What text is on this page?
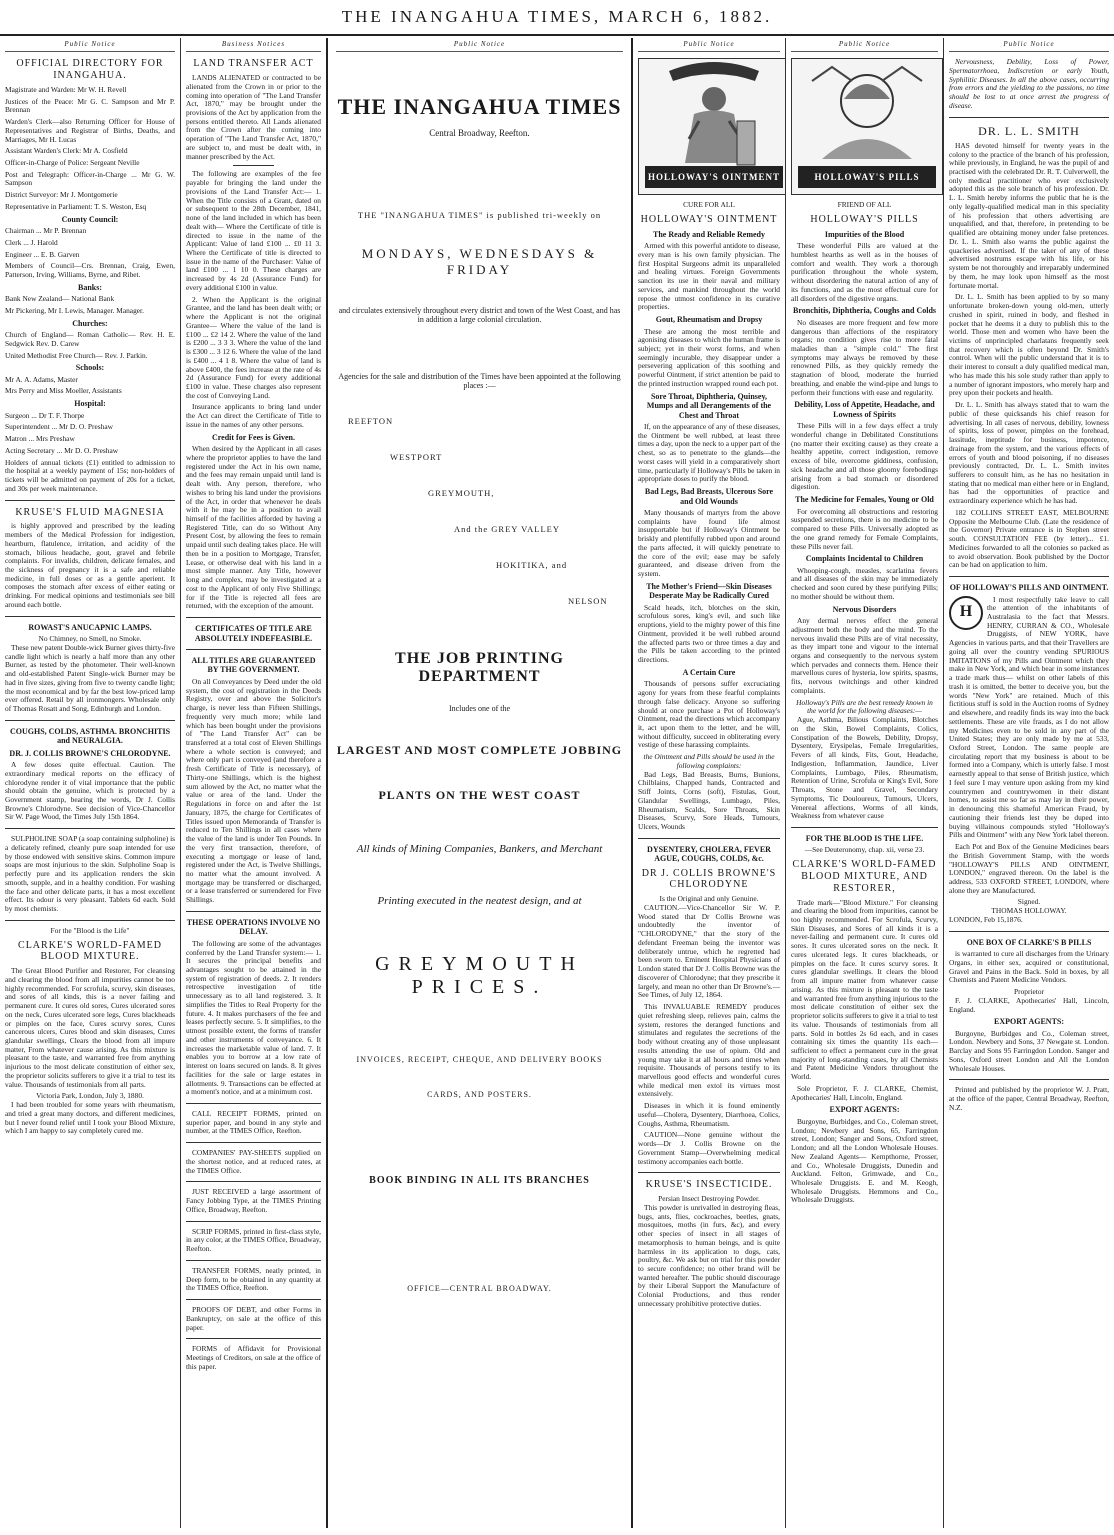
THE INANGAHUA TIMES, MARCH 6, 1882.
Public Notice
OFFICIAL DIRECTORY FOR INANGAHUA.

Magistrate and Warden: Mr W. H. Revell

Justices of the Peace: Mr G. C. Sampson and Mr P. Brennan

Warden's Clerk—also Returning Officer for House of Representatives and Registrar of Births, Deaths, and Marriages, Mr H. Lucas

Assistant Warden's Clerk: Mr A. Cosfield

Officer-in-Charge of Police: Sergeant Neville

Post and Telegraph: Officer-in-Charge ... Mr G. W. Sampson

District Surveyor: Mr J. Montgomerie

Representative in Parliament: T. S. Weston, Esq

County Council:

Chairman ... Mr P. Brennan

Clerk ... J. Harold

Engineer ... E. B. Garven

Members of Council—Crs. Brennan, Craig, Ewen, Patterson, Irving, Williams, Byrne, and Ribet.

Banks:

Bank New Zealand— National Bank

Mr Pickering, Mr I. Lewis, Manager. Manager.

Churches:

Church of England— Roman Catholic— Rev. H. E. Sedgwick Rev. D. Carew

United Methodist Free Church— Rev. J. Parkin.

Schools:

Mr A. A. Adams, Master

Mrs Perry and Miss Moeller, Assistants

Hospital:

Surgeon ... Dr T. F. Thorpe

Superintendent ... Mr D. O. Preshaw

Matron ... Mrs Preshaw

Acting Secretary ... Mr D. O. Preshaw

Holders of annual tickets (£1) entitled to admission to the hospital at a weekly payment of 15s; non-holders of tickets will be admitted on payment of 20s for a ticket, and 30s per week maintenance.

KRUSE'S FLUID MAGNESIA

is highly approved and prescribed by the leading members of the Medical Profession for indigestion, heartburn, flatulence, irritation, and acidity of the stomach, bilious headache, gout, gravel and febrile complaints. For invalids, children, delicate females, and the sickness of pregnancy it is a safe and reliable medicine, in full doses or as a gentle aperient. It composes the stomach after excess of either eating or drinking. For medical opinions and testimonials see bill around each bottle.

ROWAST'S ANUCAPNIC LAMPS.
No Chimney, no Smell, no Smoke.

These new patent Double-wick Burner gives thirty-five candle light which is nearly a half more than any other Burner, as tested by the photometer. Their well-known and old-established Patent Single-wick Burner may be had in five sizes, giving from five to twenty candle light; the most economical and by far the best low-priced lamp ever offered. Retail by all ironmongers. Wholesale only of Thomas Rosatt and Song, Edinburgh and London.

COUGHS, COLDS, ASTHMA. BRONCHITIS and NEURALGIA.
DR. J. COLLIS BROWNE'S CHLORODYNE.

A few doses quite effectual. Caution. The extraordinary medical reports on the efficacy of chlorodyne render it of vital importance that the public should obtain the genuine, which is protected by a Government stamp, bearing the words, Dr J. Collis Browne's Chlorodyne. See decision of Vice-Chancellor Sir W. Page Wood, the Times July 15th 1864.

SULPHOLINE SOAP (a soap containing sulpholine) is a delicately refined, cleanly pure soap intended for use by those endowed with sensitive skins. Common impure soaps are most injurious to the skin. Sulpholine Soap is perfectly pure and its application renders the skin smooth, supple, and in a healthy condition. For washing the face and other delicate parts, it has a most excellent effect. Its odour is very pleasant. Tablets 6d each. Sold by most chemists.

For the "Blood is the Life"
CLARKE'S WORLD-FAMED BLOOD MIXTURE.

The Great Blood Purifier and Restorer, For cleansing and clearing the blood from all impurities cannot be too highly recommended. For scrofula, scurvy, skin diseases, and sores of all kinds, this is a never failing and permanent cure. It cures old sores, Cures ulcerated sores on the neck, Cures ulcerated sore legs, Cures blackheads or pimples on the face, Cures scurvy sores, Cures cancerous ulcers, Cures blood and skin diseases, Cures glandular swellings, Clears the blood from all impure matter, From whatever cause arising. As this mixture is pleasant to the taste, and warranted free from anything injurious to the most delicate constitution of either sex, the proprietor solicits sufferers to give it a trial to test its value. Thousands of testimonials from all parts.

Victoria Park, London, July 3, 1880.

I had been troubled for some years with rheumatism, and tried a great many doctors, and different medicines, but I never found relief until I took your Blood Mixture, which I am happy to say completely cured me.

Business Notices
LAND TRANSFER ACT

LANDS ALIENATED or contracted to be alienated from the Crown in or prior to the coming into operation of "The Land Transfer Act, 1870," may be brought under the provisions of the Act by application from the persons entitled thereto. All Lands alienated from the Crown after the coming into operation of "The Land Transfer Act, 1870," are subject to, and must be dealt with, in manner prescribed by the Act.

The following are examples of the fee payable for bringing the land under the provisions of the Land Transfer Act:— 1. When the Title consists of a Grant, dated on or subsequent to the 28th December, 1841, none of the land included in which has been dealt with— Where the Certificate of title is directed to issue in the name of the Applicant: Value of land £100 ... £0 11 3. Where the Certificate of title is directed to issue in the name of the Purchaser: Value of land £100 ... 1 10 0. These charges are increased by 4s 2d (Assurance Fund) for every additional £100 in value.

2. When the Applicant is the original Grantee, and the land has been dealt with; or where the Applicant is not the original Grantee— Where the value of the land is £100 ... £2 14 2. Where the value of the land is £200 ... 3 3 3. Where the value of the land is £300 ... 3 12 6. Where the value of the land is £400 ... 4 1 8. Where the value of land is above £400, the fees increase at the rate of 4s 2d (Assurance Fund) for every additional £100 in value. These charges also represent the cost of Conveying Land.

Insurance applicants to bring land under the Act can direct the Certificate of Title to issue in the names of any other persons.

Credit for Fees is Given.

When desired by the Applicant in all cases where the proprietor applies to have the land registered under the Act in his own name, and the fees may remain unpaid until land is dealt with. Any person, therefore, who wishes to bring his land under the provisions of the Act, in order that whenever he deals with it he may be in a position to avail himself of the facilities afforded by having a Registered Title, can do so Without Any Present Cost, by allowing the fees to remain unpaid until such dealing takes place. He will then be in a position to Mortgage, Transfer, Lease, or otherwise deal with his land in a most simple manner. Any Title, however long and complex, may be investigated at a cost to the Applicant of only Five Shillings; for if the Title is rejected all fees are returned, with the exception of the amount.

CERTIFICATES OF TITLE ARE ABSOLUTELY INDEFEASIBLE.
ALL TITLES ARE GUARANTEED BY THE GOVERNMENT.

On all Conveyances by Deed under the old system, the cost of registration in the Deeds Registry, over and above the Solicitor's charge, is never less than Fifteen Shillings, frequently very much more; while land which has been bought under the provisions of "The Land Transfer Act" can be transferred at a total cost of Eleven Shillings where a whole section is conveyed; and where only part is conveyed (and therefore a fresh Certificate of Title is necessary), of Thirty-one Shillings, which is the highest sum allowed by the Act, no matter what the value or area of the land. Under the Regulations in force on and after the 1st January, 1875, the charge for Certificates of Titles issued upon Memoranda of Transfer is reduced to Ten Shillings in all cases where the value of the land is under Ten Pounds. In the very first transaction, therefore, of executing a mortgage or lease of land, registered under the Act, is Twelve Shillings, no matter what the amount involved. A mortgage may be transferred or discharged, or a lease transferred or surrendered for Five Shillings.

THESE OPERATIONS INVOLVE NO DELAY.

The following are some of the advantages conferred by the Land Transfer system:— 1. It secures the principal benefits and advantages sought to be attained in the system of registration of deeds. 2. It renders retrospective investigation of title unnecessary as to all land registered. 3. It simplifies the Titles to Real Property for the future. 4. It makes purchasers of the fee and leases perfectly secure. 5. It simplifies, to the utmost possible extent, the forms of transfer and other instruments of conveyance. 6. It increases the marketable value of land. 7. It enables you to borrow at a low rate of interest on loans secured on lands. 8. It gives facilities for the sale or large estates in allotments. 9. Transactions can be effected at a moment's notice, and at a minimum cost.

CALL RECEIPT FORMS, printed on superior paper, and bound in any style and number, at the TIMES Office, Reefton.

COMPANIES' PAY-SHEETS supplied on the shortest notice, and at reduced rates, at the TIMES Office.

JUST RECEIVED a large assortment of Fancy Jobbing Type, at the TIMES Printing Office, Broadway, Reefton.

SCRIP FORMS, printed in first-class style, in any color, at the TIMES Office, Broadway, Reefton.

TRANSFER FORMS, neatly printed, in Deep form, to be obtained in any quantity at the TIMES Office, Reefton.

PROOFS OF DEBT, and other Forms in Bankruptcy, on sale at the office of this paper.

FORMS of Affidavit for Provisional Meetings of Creditors, on sale at the office of this paper.

Public Notice
THE INANGAHUA TIMES
Central Broadway, Reefton.
THE "INANGAHUA TIMES" is published tri-weekly on
MONDAYS, WEDNESDAYS & FRIDAY
and circulates extensively throughout every district and town of the West Coast, and has in addition a large colonial circulation.
Agencies for the sale and distribution of the Times have been appointed at the following places :—
REEFTON
WESTPORT
GREYMOUTH,
And the GREY VALLEY
HOKITIKA, and
NELSON
THE JOB PRINTING DEPARTMENT
Includes one of the
LARGEST AND MOST COMPLETE JOBBING
PLANTS ON THE WEST COAST
All kinds of Mining Companies, Bankers, and Merchant
Printing executed in the neatest design, and at
GREYMOUTH PRICES.
INVOICES, RECEIPT, CHEQUE, AND DELIVERY BOOKS
CARDS, AND POSTERS.
BOOK BINDING IN ALL ITS BRANCHES
OFFICE—CENTRAL BROADWAY.
Public Notice
HOLLOWAY'S OINTMENT
CURE FOR ALL
HOLLOWAY'S OINTMENT
The Ready and Reliable Remedy

Armed with this powerful antidote to disease, every man is his own family physician. The first Hospital Surgeons admit its unparalleled and healing virtues. Foreign Governments sanction its use in their naval and military services, and mankind throughout the world repose the utmost confidence in its curative properties.

Gout, Rheumatism and Dropsy

These are among the most terrible and agonising diseases to which the human frame is subject; yet in their worst forms, and when seemingly incurable, they disappear under a persevering application of this soothing and powerful Ointment, if strict attention be paid to the printed instruction wrapped round each pot.

Sore Throat, Diphtheria, Quinsey, Mumps and all Derangements of the Chest and Throat

If, on the appearance of any of these diseases, the Ointment be well rubbed, at least three times a day, upon the neck to a upper part of the chest, so as to penetrate to the glands—the worst cases will yield in a comparatively short time, particularly if Holloway's Pills be taken in appropriate doses to purify the blood.

Bad Legs, Bad Breasts, Ulcerous Sore and Old Wounds

Many thousands of martyrs from the above complaints have found life almost insupportable but if Holloway's Ointment be briskly and plentifully rubbed upon and around the parts affected, it will quickly penetrate to the core of the evil; ease may be safely guaranteed, and disease driven from the system.

The Mother's Friend—Skin Diseases Desperate May be Radically Cured

Scald heads, itch, blotches on the skin, scrofulous sores, king's evil, and such like eruptions, yield to the mighty power of this fine Ointment, provided it be well rubbed around the affected parts two or three times a day and the Pills be taken according to the printed directions.

A Certain Cure

Thousands of persons suffer excruciating agony for years from these fearful complaints through false delicacy. Anyone so suffering should at once purchase a Pot of Holloway's Ointment, read the directions which accompany it, act upon them to the letter, and he will, without difficulty, succeed in obliterating every vestige of these harassing complaints.

the Ointment and Pills should be used in the following complaints:

Bad Legs, Bad Breasts, Burns, Bunions, Chilblains, Chapped hands, Contracted and Stiff Joints, Corns (soft), Fistulas, Gout, Glandular Swellings, Lumbago, Piles, Rheumatism, Scalds, Sore Throats, Skin Diseases, Scurvy, Sore Heads, Tumours, Ulcers, Wounds

DYSENTERY, CHOLERA, FEVER AGUE, COUGHS, COLDS, &c.
DR J. COLLIS BROWNE'S CHLORODYNE
Is the Original and only Genuine.

CAUTION.—Vice-Chancellor Sir W. P. Wood stated that Dr Collis Browne was undoubtedly the inventor of "CHLORODYNE," that the story of the defendant Freeman being the inventor was deliberately untrue, which he regretted had been sworn to. Eminent Hospital Physicians of London stated that Dr J. Collis Browne was the discoverer of Chlorodyne; that they prescribe it largely, and mean no other than Dr Browne's.—See Times, of July 12, 1864.

This INVALUABLE REMEDY produces quiet refreshing sleep, relieves pain, calms the system, restores the deranged functions and stimulates and regulates the secretions of the body without creating any of those unpleasant results attending the use of opium. Old and young may take it at all hours and times when requisite. Thousands of persons testify to its marvellous good effects and wonderful cures while medical men extol its virtues most extensively.

Diseases in which it is found eminently useful—Cholera, Dysentery, Diarrhoea, Colics, Coughs, Asthma, Rheumatism.

CAUTION—None genuine without the words—Dr J. Collis Browne on the Government Stamp—Overwhelming medical testimony accompanies each bottle.

KRUSE'S INSECTICIDE.
Persian Insect Destroying Powder.

This powder is unrivalled in destroying fleas, bugs, ants, flies, cockroaches, beetles, gnats, mosquitoes, moths (in furs, &c), and every other species of insect in all stages of metamorphosis to human beings, and is quite harmless in its application to dogs, cats, poultry, &c. We ask but on trial for this powder to secure confidence; no other brand will be wanted hereafter. The public should discourage by their Liberal Support the Manufacture of Colonial Productions, and thus render unnecessary prohibitive protective duties.

Public Notice
HOLLOWAY'S PILLS
FRIEND OF ALL
HOLLOWAY'S PILLS
Impurities of the Blood

These wonderful Pills are valued at the humblest hearths as well as in the houses of comfort and wealth. They work a thorough purification throughout the whole system, without disordering the natural action of any of its functions, and as the most effectual cure for all disorders of the digestive organs.

Bronchitis, Diphtheria, Coughs and Colds

No diseases are more frequent and few more dangerous than affections of the respiratory organs; no condition gives rise to more fatal maladies than a "simple cold." The first symptoms may always be removed by these renowned Pills, as they quickly remedy the stagnation of blood, moderate the hurried breathing, and enable the wind-pipe and lungs to perform their functions with ease and regularity.

Debility, Loss of Appetite, Headache, and Lowness of Spirits

These Pills will in a few days effect a truly wonderful change in Debilitated Constitutions (no matter their exciting cause) as they create a healthy appetite, correct indigestion, remove excess of bile, overcome giddiness, confusion, sick headache and all those gloomy forebodings arising from a bad stomach or disordered digestion.

The Medicine for Females, Young or Old

For overcoming all obstructions and restoring suspended secretions, there is no medicine to be compared to these Pills. Universally adopted as the one grand remedy for Female Complaints, these Pills never fail.

Complaints Incidental to Children

Whooping-cough, measles, scarlatina fevers and all diseases of the skin may be immediately checked and soon cured by these purifying Pills; no mother should be without them.

Nervous Disorders

Any dermal nerves effect the general adjustment both the body and the mind. To the nervous invalid these Pills are of vital necessity, as they impart tone and vigour to the internal organs and consequently to the nervous system which pervades and connects them. Hence their marvellous cures of hysteria, low spirits, spasms, fits, nervous twitchings and other kindred complaints.

Holloway's Pills are the best remedy known in the world for the following diseases:—

Ague, Asthma, Bilious Complaints, Blotches on the Skin, Bowel Complaints, Colics, Constipation of the Bowels, Debility, Dropsy, Dysentery, Erysipelas, Female Irregularities, Fevers of all kinds, Fits, Gout, Headache, Indigestion, Inflammation, Jaundice, Liver Complaints, Lumbago, Piles, Rheumatism, Retention of Urine, Scrofula or King's Evil, Sore Throats, Stone and Gravel, Secondary Symptoms, Tic Douloureux, Tumours, Ulcers, Venereal affections, Worms of all kinds, Weakness from whatever cause

FOR THE BLOOD IS THE LIFE.
—See Deuteronomy, chap. xii, verse 23.
CLARKE'S WORLD-FAMED BLOOD MIXTURE, AND RESTORER,

Trade mark—"Blood Mixture." For cleansing and clearing the blood from impurities, cannot be too highly recommended. For Scrofula, Scurvy, Skin Diseases, and Sores of all kinds it is a never-failing and permanent cure. It cures old sores. It cures ulcerated sores on the neck. It cures ulcerated legs. It cures blackheads, or pimples on the face. It cures scurvy sores. It cures glandular swellings. It clears the blood from all impure matter from whatever cause arising. As this mixture is pleasant to the taste and warranted free from anything injurious to the most delicate constitution of either sex the proprietor solicits sufferers to give it a trial to test its value. Thousands of testimonials from all parts. Sold in bottles 2s 6d each, and in cases containing six times the quantity 11s each—sufficient to effect a permanent cure in the great majority of long-standing cases, by all Chemists and Patent Medicine Vendors throughout the World.

Sole Proprietor, F. J. CLARKE, Chemist, Apothecaries' Hall, Lincoln, England.

EXPORT AGENTS:

Burgoyne, Burbidges, and Co., Coleman street, London; Newbery and Sons, 65, Farringdon street, London; Sanger and Sons, Oxford street, London; and all the London Wholesale Houses. New Zealand Agents— Kempthorne, Prosser, and Co., Wholesale Druggists, Dunedin and Auckland. Felton, Grimwade, and Co., Wholesale Druggists. E. and M. Keogh, Wholesale Druggists. Hemmons and Co., Wholesale Druggists.

Public Notice

Nervousness, Debility, Loss of Power, Spermatorrhoea, Indiscretion or early Youth, Syphilitic Diseases. In all the above cases, occurring from errors and the yielding to the passions, no time should be lost to at once arrest the progress of disease.

DR. L. L. SMITH

HAS devoted himself for twenty years in the colony to the practice of the branch of his profession, while previously, in England, he was the pupil of and practised with the celebrated Dr. R. T. Culverwell, the only medical practitioner who ever exclusively adopted this as the sole branch of his profession. Dr. L. L. Smith hereby informs the public that he is the only legally-qualified medical man in this speciality of his profession that others advertising are unqualified, and that, therefore, in pretending to be qualified are obtaining money under false pretences. Dr. L. L. Smith also warns the public against the quackeries advertised. If the taker of any of these advertised nostrums escape with his life, or his system be not thoroughly and irreparably undermined by them, he may look upon himself as the most fortunate mortal.

Dr. L. L. Smith has been applied to by so many unfortunate broken-down young old-men, utterly crushed in spirit, ruined in body, and fleshed in pocket that he deems it a duty to publish this to the world. Those men and women who have been the victims of unprincipled charlatans frequently seek that recovery which is often beyond Dr. Smith's control. When will the public understand that it is to their interest to consult a duly qualified medical man, who has made this his sole study rather than apply to a number of ignorant impostors, who merely harp and prey upon their pockets and health.

Dr. L. L. Smith has always stated that to warn the public of these quicksands his chief reason for advertising. In all cases of nervous, debility, lowness of spirits, loss of power, pimples on the forehead, lassitude, ineptitude for business, impotence, drainage from the system, and the various effects of errors of youth and blood poisoning, if no diseases previously contracted, Dr. L. L. Smith invites sufferers to consult him, as he has no hesitation in stating that no medical man either here or in England, has had the opportunities of practice and extraordinary experience which he has had.

182 COLLINS STREET EAST, MELBOURNE Opposite the Melbourne Club. (Late the residence of the Governor) Private entrance is in Stephen street south. CONSULTATION FEE (by letter)... £1. Medicines forwarded to all the colonies so packed as to avoid observation. Book published by the Doctor can be had on application to him.

OF HOLLOWAY'S PILLS AND OINTMENT.
H

I most respectfully take leave to call the attention of the inhabitants of Australasia to the fact that Messrs. HENRY, CURRAN & CO., Wholesale Druggists, of NEW YORK, have Agencies in various parts, and that their Travellers are going all over the country vending SPURIOUS IMITATIONS of my Pills and Ointment which they make in New York, and which bear in some instances a trade mark thus— whilst on other labels of this trash it is omitted, the better to deceive you, but the words "New York" are retained. Much of this fictitious stuff is sold in the Auction rooms of Sydney and elsewhere, and readily finds its way into the back settlements. These are vile frauds, as I do not allow my Medicines even to be sold in any part of the United States; they are only made by me at 533, Oxford Street, London. The same people are circulating report that my business is about to be formed into a Company, which is utterly false. I most earnestly appeal to that sense of British justice, which I feel sure I may venture upon asking from my kind countrymen and countrywomen in their distant homes, to assist me so far as may lay in their power, in denouncing this shameful American Fraud, by cautioning their friends lest they be duped into buying villainous compounds styled "Holloway's Pills and Ointment" with any New York label thereon.

Each Pot and Box of the Genuine Medicines bears the British Government Stamp, with the words "HOLLOWAY'S PILLS AND OINTMENT, LONDON," engraved thereon. On the label is the address, 533 OXFORD STREET, LONDON, where alone they are Manufactured.

Signed.
THOMAS HOLLOWAY.
LONDON, Feb 15,1876.
ONE BOX OF CLARKE'S B PILLS

is warranted to cure all discharges from the Urinary Organs, in either sex, acquired or constitutional, Gravel and Pains in the Back. Sold in boxes, by all Chemists and Patent Medicine Vendors.

Proprietor

F. J. CLARKE, Apothecaries' Hall, Lincoln, England.

EXPORT AGENTS:

Burgoyne, Burbidges and Co., Coleman street, London. Newbery and Sons, 37 Newgate st. London. Barclay and Sons 95 Farringdon London. Sanger and Sons, Oxford street London and All the London Wholesale Houses.

Printed and published by the proprietor W. J. Pratt, at the office of the paper, Central Broadway, Reefton, N.Z.
